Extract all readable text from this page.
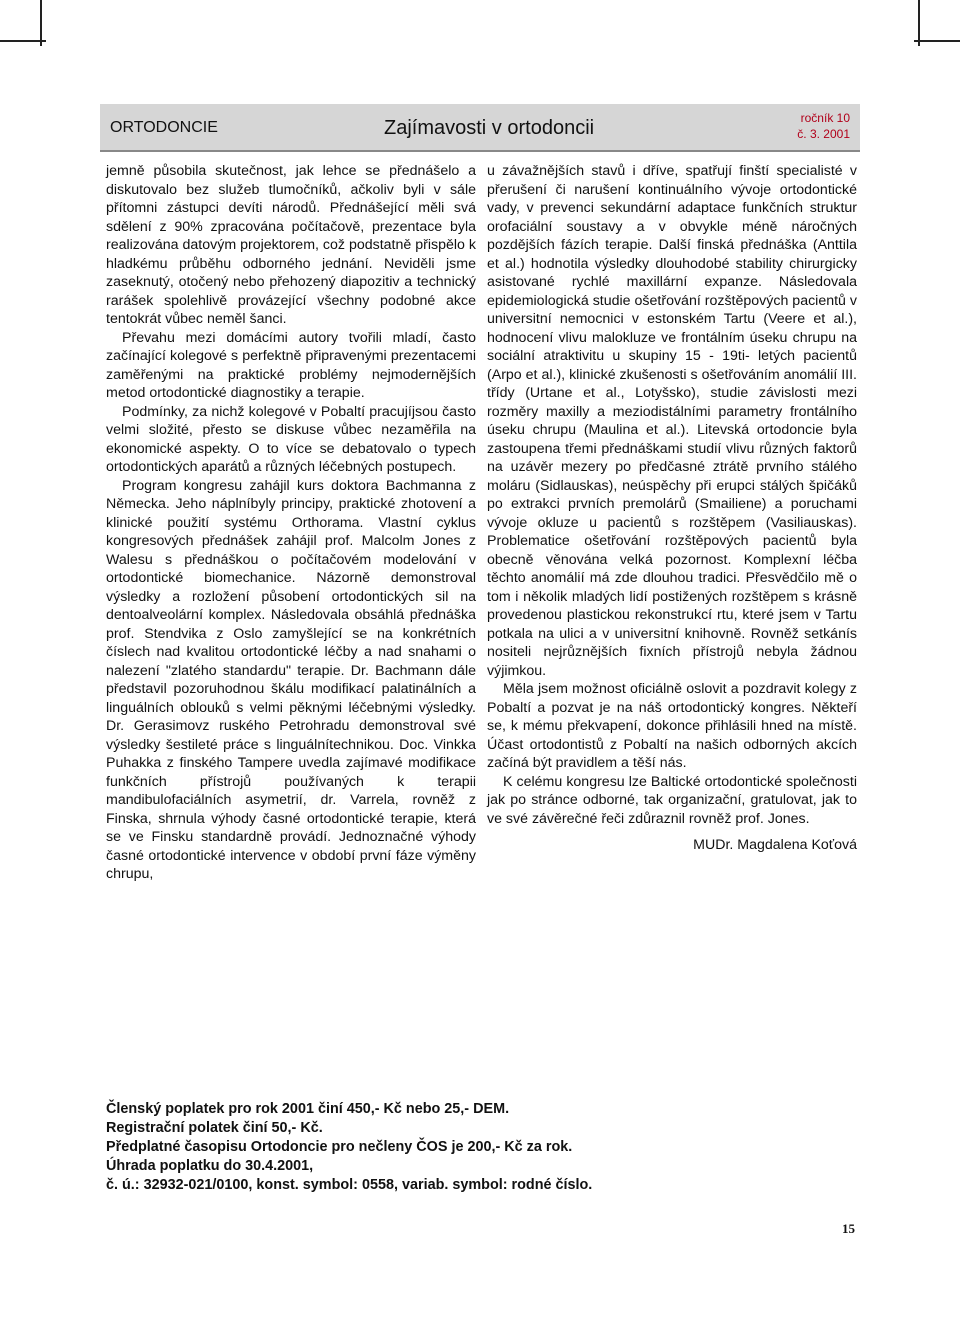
ORTODONCIE	Zajímavosti v ortodoncii	ročník 10
č. 3. 2001

jemně působila skutečnost, jak lehce se přednášelo a diskutovalo bez služeb tlumočníků, ačkoliv byli v sále přítomni zástupci devíti národů. Přednášející měli svá sdělení z 90% zpracována počítačově, prezentace byla realizována datovým projektorem, což podstatně přispělo k hladkému průběhu odborného jednání. Neviděli jsme zaseknutý, otočený nebo přehozený diapozitiv a technický rarášek spolehlivě provázející všechny podobné akce tentokrát vůbec neměl šanci.

Převahu mezi domácími autory tvořili mladí, často začínající kolegové s perfektně připravenými prezentacemi zaměřenými na praktické problémy nejmodernějších metod ortodontické diagnostiky a terapie.

Podmínky, za nichž kolegové v Pobaltí pracujíjsou často velmi složité, přesto se diskuse vůbec nezaměřila na ekonomické aspekty. O to více se debatovalo o typech ortodontických aparátů a různých léčebných postupech.

Program kongresu zahájil kurs doktora Bachmanna z Německa. Jeho náplníbyly principy, praktické zhotovení a klinické použití systému Orthorama. Vlastní cyklus kongresových přednášek zahájil prof. Malcolm Jones z Walesu s přednáškou o počítačovém modelování v ortodontické biomechanice. Názorně demonstroval výsledky a rozložení působení ortodontických sil na dentoalveolární komplex. Následovala obsáhlá přednáška prof. Stendvika z Oslo zamyšlející se na konkrétních číslech nad kvalitou ortodontické léčby a nad snahami o nalezení "zlatého standardu" terapie. Dr. Bachmann dále představil pozoruhodnou škálu modifikací palatinálních a linguálních oblouků s velmi pěknými léčebnými výsledky. Dr. Gerasimovz ruského Petrohradu demonstroval své výsledky šestileté práce s linguálnítechnikou. Doc. Vinkka Puhakka z finského Tampere uvedla zajímavé modifikace funkčních přístrojů používaných k terapii mandibulofaciálních asymetrií, dr. Varrela, rovněž z Finska, shrnula výhody časné ortodontické terapie, která se ve Finsku standardně provádí. Jednoznačné výhody časné ortodontické intervence v období první fáze výměny chrupu,

u závažnějších stavů i dříve, spatřují finští specialisté v přerušení či narušení kontinuálního vývoje ortodontické vady, v prevenci sekundární adaptace funkčních struktur orofaciální soustavy a v obvykle méně náročných pozdějších fázích terapie. Další finská přednáška (Anttila et al.) hodnotila výsledky dlouhodobé stability chirurgicky asistované rychlé maxillární expanze. Následovala epidemiologická studie ošetřování rozštěpových pacientů v universitní nemocnici v estonském Tartu (Veere et al.), hodnocení vlivu malokluze ve frontálním úseku chrupu na sociální atraktivitu u skupiny 15 - 19ti- letých pacientů (Arpo et al.), klinické zkušenosti s ošetřováním anomálií III. třídy (Urtane et al., Lotyšsko), studie závislosti mezi rozměry maxilly a meziodistálními parametry frontálního úseku chrupu (Maulina et al.). Litevská ortodoncie byla zastoupena třemi přednáškami studií vlivu různých faktorů na uzávěr mezery po předčasné ztrátě prvního stálého moláru (Sidlauskas), neúspěchy při erupci stálých špičáků po extrakci prvních premolárů (Smailiene) a poruchami vývoje okluze u pacientů s rozštěpem (Vasiliauskas). Problematice ošetřování rozštěpových pacientů byla obecně věnována velká pozornost. Komplexní léčba těchto anomálií má zde dlouhou tradici. Přesvědčilo mě o tom i několik mladých lidí postižených rozštěpem s krásně provedenou plastickou rekonstrukcí rtu, které jsem v Tartu potkala na ulici a v universitní knihovně. Rovněž setkánís nositeli nejrůznějších fixních přístrojů nebyla žádnou výjimkou.

Měla jsem možnost oficiálně oslovit a pozdravit kolegy z Pobaltí a pozvat je na náš ortodontický kongres. Někteří se, k mému překvapení, dokonce přihlásili hned na místě. Účast ortodontistů z Pobaltí na našich odborných akcích začíná být pravidlem a těší nás.

K celému kongresu lze Baltické ortodontické společnosti jak po stránce odborné, tak organizační, gratulovat, jak to ve své závěrečné řeči zdůraznil rovněž prof. Jones.

MUDr. Magdalena Koťová
Členský poplatek pro rok 2001 činí 450,- Kč nebo 25,- DEM.
Registrační polatek činí 50,- Kč.
Předplatné časopisu Ortodoncie pro nečleny ČOS je 200,- Kč za rok.
Úhrada poplatku do 30.4.2001,
č. ú.: 32932-021/0100, konst. symbol: 0558, variab. symbol: rodné číslo.
15
